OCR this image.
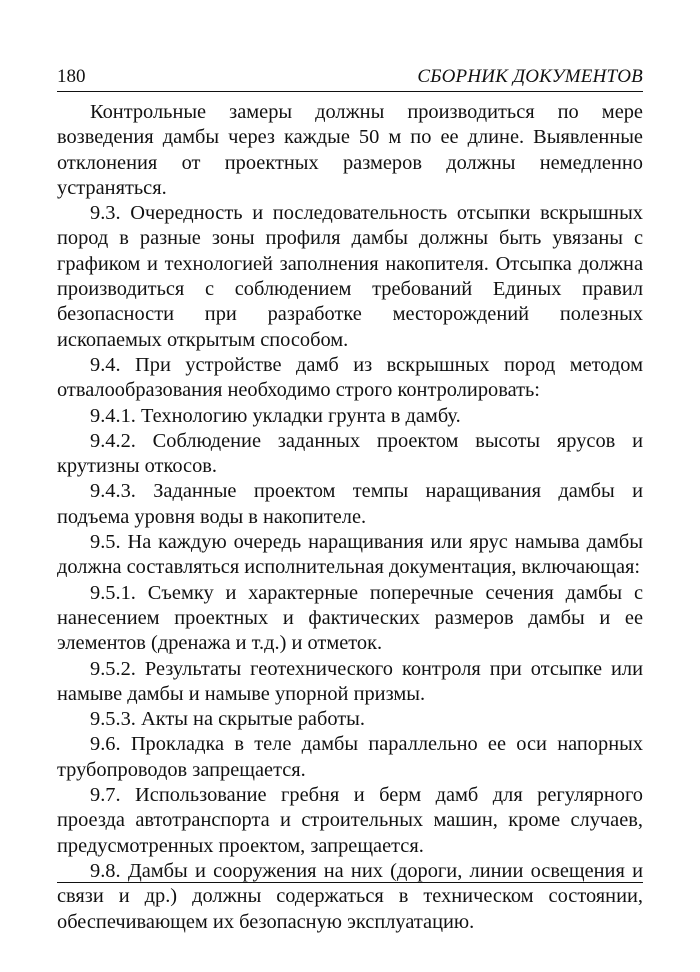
180	СБОРНИК ДОКУМЕНТОВ

Контрольные замеры должны производиться по мере возведения дамбы через каждые 50 м по ее длине. Выявленные отклонения от проектных размеров должны немедленно устраняться.

9.3. Очередность и последовательность отсыпки вскрышных пород в разные зоны профиля дамбы должны быть увязаны с графиком и технологией заполнения накопителя. Отсыпка должна производиться с соблюдением требований Единых правил безопасности при разработке месторождений полезных ископаемых открытым способом.

9.4. При устройстве дамб из вскрышных пород методом отвалообразования необходимо строго контролировать:

9.4.1. Технологию укладки грунта в дамбу.

9.4.2. Соблюдение заданных проектом высоты ярусов и крутизны откосов.

9.4.3. Заданные проектом темпы наращивания дамбы и подъема уровня воды в накопителе.

9.5. На каждую очередь наращивания или ярус намыва дамбы должна составляться исполнительная документация, включающая:

9.5.1. Съемку и характерные поперечные сечения дамбы с нанесением проектных и фактических размеров дамбы и ее элементов (дренажа и т.д.) и отметок.

9.5.2. Результаты геотехнического контроля при отсыпке или намыве дамбы и намыве упорной призмы.

9.5.3. Акты на скрытые работы.

9.6. Прокладка в теле дамбы параллельно ее оси напорных трубопроводов запрещается.

9.7. Использование гребня и берм дамб для регулярного проезда автотранспорта и строительных машин, кроме случаев, предусмотренных проектом, запрещается.

9.8. Дамбы и сооружения на них (дороги, линии освещения и связи и др.) должны содержаться в техническом состоянии, обеспечивающем их безопасную эксплуатацию.
